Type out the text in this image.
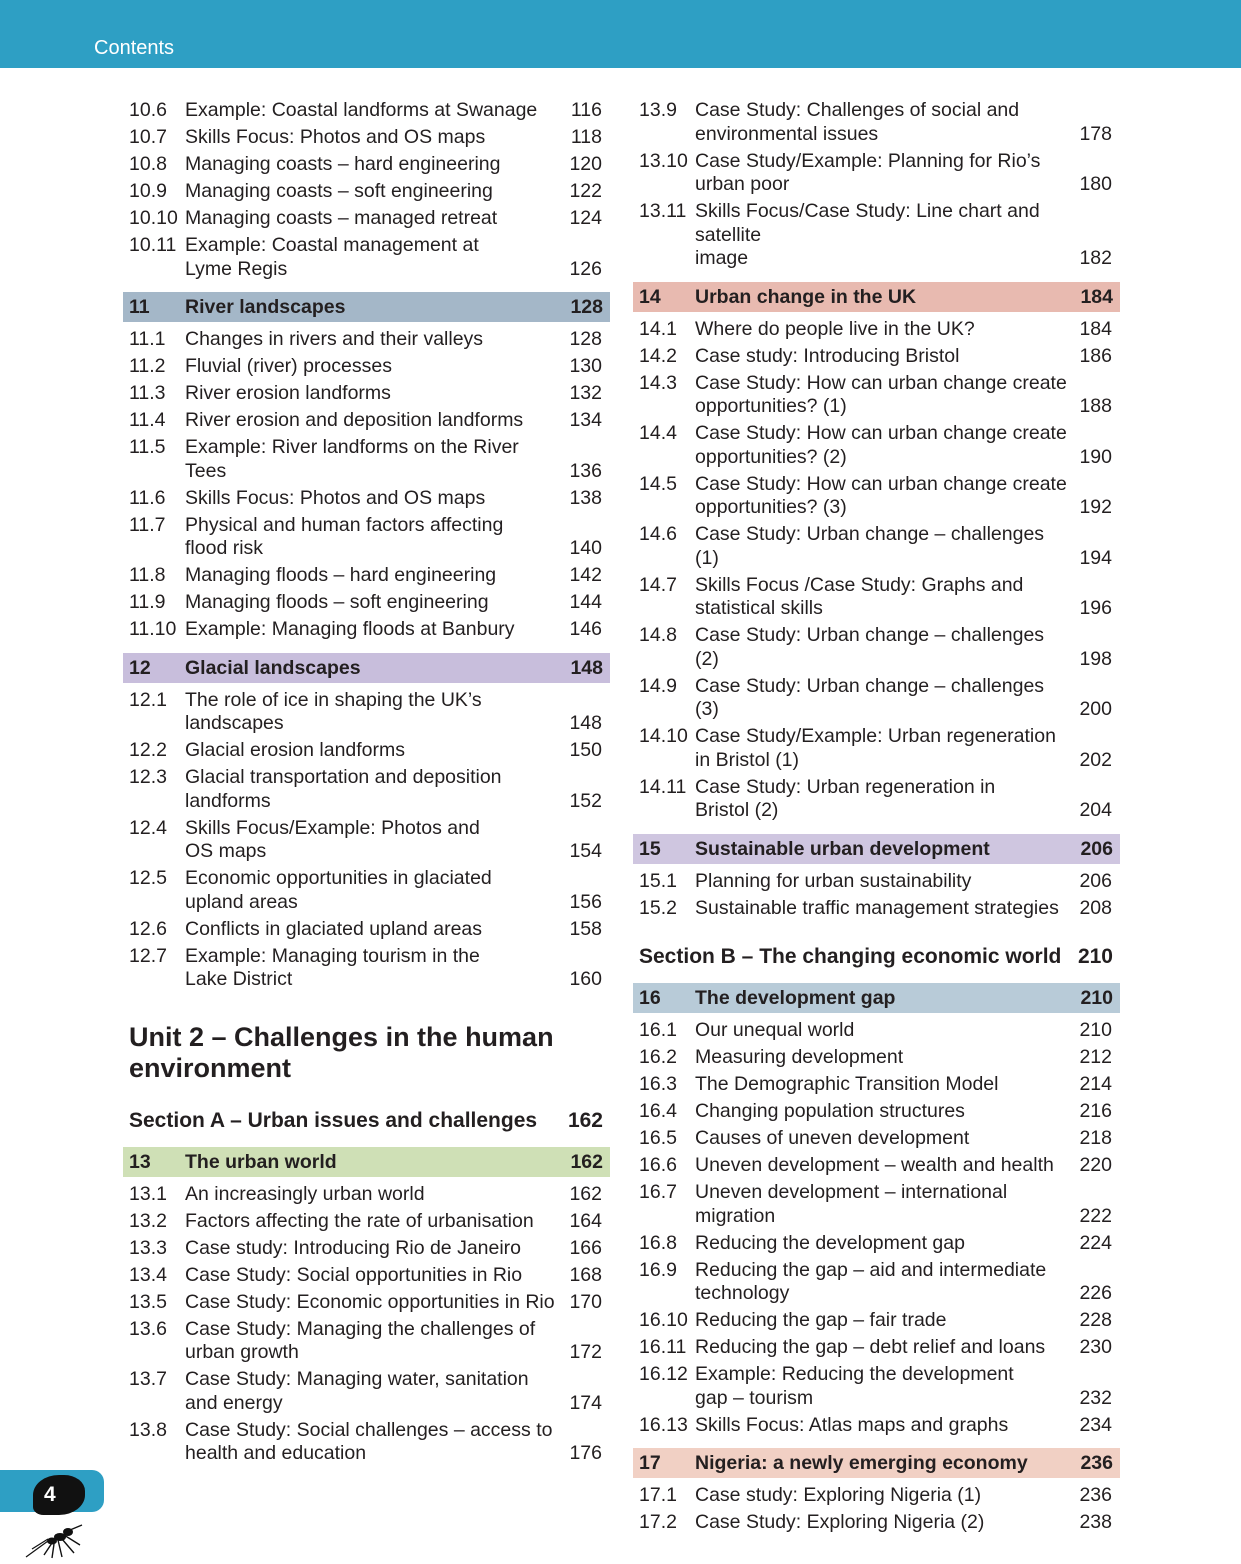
Contents
10.6 Example: Coastal landforms at Swanage	116
10.7 Skills Focus: Photos and OS maps	118
10.8 Managing coasts – hard engineering	120
10.9 Managing coasts – soft engineering	122
10.10 Managing coasts – managed retreat	124
10.11 Example: Coastal management at
Lyme Regis	126
11	River landscapes	128
11.1 Changes in rivers and their valleys	128
11.2 Fluvial (river) processes	130
11.3 River erosion landforms	132
11.4 River erosion and deposition landforms	134
11.5 Example: River landforms on the River Tees	136
11.6 Skills Focus: Photos and OS maps	138
11.7 Physical and human factors affecting
flood risk	140
11.8 Managing floods – hard engineering	142
11.9 Managing floods – soft engineering	144
11.10 Example: Managing floods at Banbury	146
12	Glacial landscapes	148
12.1 The role of ice in shaping the UK’s
landscapes	148
12.2 Glacial erosion landforms	150
12.3 Glacial transportation and deposition
landforms	152
12.4 Skills Focus/Example: Photos and
OS maps	154
12.5 Economic opportunities in glaciated
upland areas	156
12.6 Conflicts in glaciated upland areas	158
12.7 Example: Managing tourism in the
Lake District	160
Unit 2 – Challenges in the human
environment
Section A – Urban issues and challenges	162
13	The urban world	162
13.1 An increasingly urban world	162
13.2 Factors affecting the rate of urbanisation	164
13.3 Case study: Introducing Rio de Janeiro	166
13.4 Case Study: Social opportunities in Rio	168
13.5 Case Study: Economic opportunities in Rio 170
13.6 Case Study: Managing the challenges of
urban growth	172
13.7 Case Study: Managing water, sanitation
and energy	174
13.8 Case Study: Social challenges – access to
health and education	176
13.9 Case Study: Challenges of social and
environmental issues	178
13.10 Case Study/Example: Planning for Rio’s
urban poor	180
13.11 Skills Focus/Case Study: Line chart and satellite
image	182
14	Urban change in the UK	184
14.1 Where do people live in the UK?	184
14.2 Case study: Introducing Bristol	186
14.3 Case Study: How can urban change create
opportunities? (1)	188
14.4 Case Study: How can urban change create
opportunities? (2)	190
14.5 Case Study: How can urban change create
opportunities? (3)	192
14.6 Case Study: Urban change – challenges (1)	194
14.7 Skills Focus /Case Study: Graphs and
statistical skills	196
14.8 Case Study: Urban change – challenges (2)	198
14.9 Case Study: Urban change – challenges (3)	200
14.10 Case Study/Example: Urban regeneration
in Bristol (1)	202
14.11 Case Study: Urban regeneration in
Bristol (2)	204
15	Sustainable urban development	206
15.1 Planning for urban sustainability	206
15.2 Sustainable traffic management strategies	208
Section B – The changing economic world 210
16	The development gap	210
16.1 Our unequal world	210
16.2 Measuring development	212
16.3 The Demographic Transition Model	214
16.4 Changing population structures	216
16.5 Causes of uneven development	218
16.6 Uneven development – wealth and health	220
16.7 Uneven development – international
migration	222
16.8 Reducing the development gap	224
16.9 Reducing the gap – aid and intermediate
technology	226
16.10 Reducing the gap – fair trade	228
16.11 Reducing the gap – debt relief and loans	230
16.12 Example: Reducing the development
gap – tourism	232
16.13 Skills Focus: Atlas maps and graphs	234
17	Nigeria: a newly emerging economy	236
17.1 Case study: Exploring Nigeria (1)	236
17.2 Case Study: Exploring Nigeria (2)	238
4
